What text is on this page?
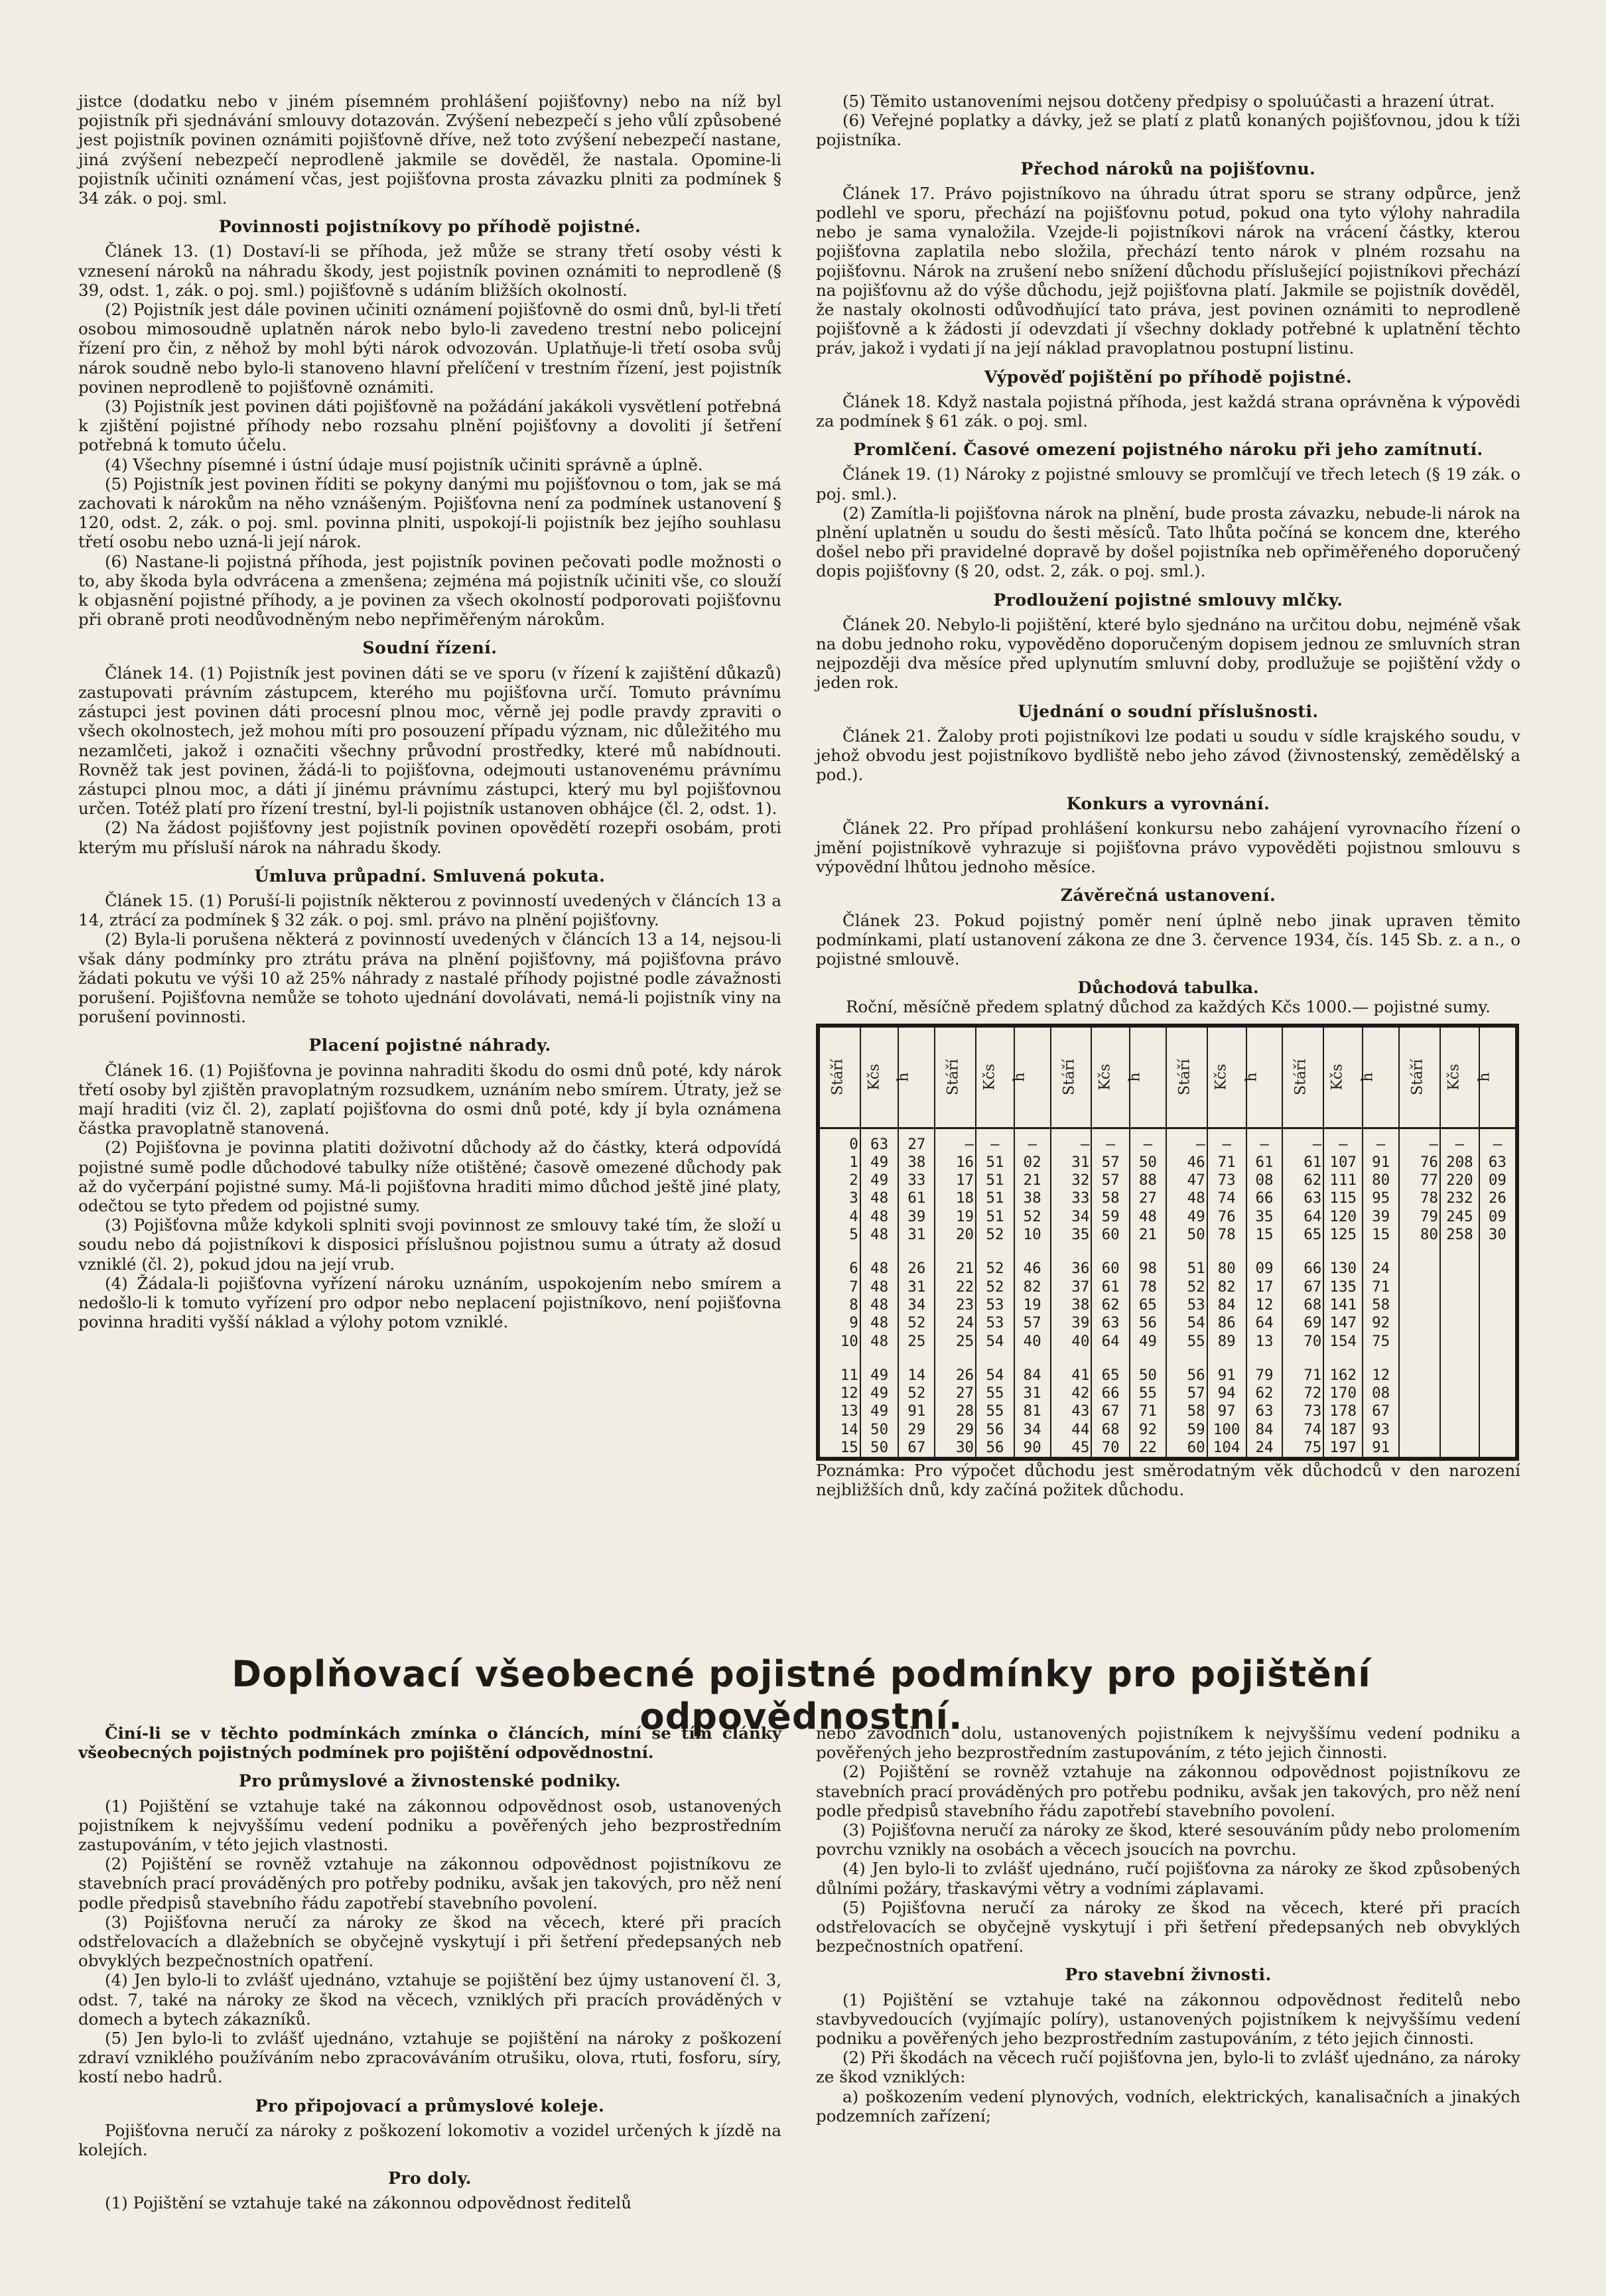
jistce (dodatku nebo v jiném písemném prohlášení pojišťovny) nebo na níž byl pojistník při sjednávání smlouvy dotazován. Zvýšení nebezpečí s jeho vůlí způsobené jest pojistník povinen oznámiti pojišťovně dříve, než toto zvýšení nebezpečí nastane, jiná zvýšení nebezpečí neprodleně jakmile se dověděl, že nastala. Opomine-li pojistník učiniti oznámení včas, jest pojišťovna prosta závazku plniti za podmínek § 34 zák. o poj. sml.

Povinnosti pojistníkovy po příhodě pojistné.

Článek 13. (1) Dostaví-li se příhoda, jež může se strany třetí osoby vésti k vznesení nároků na náhradu škody, jest pojistník povinen oznámiti to neprodleně (§ 39, odst. 1, zák. o poj. sml.) pojišťovně s udáním bližších okolností.

(2) Pojistník jest dále povinen učiniti oznámení pojišťovně do osmi dnů, byl-li třetí osobou mimosoudně uplatněn nárok nebo bylo-li zavedeno trestní nebo policejní řízení pro čin, z něhož by mohl býti nárok odvozován. Uplatňuje-li třetí osoba svůj nárok soudně nebo bylo-li stanoveno hlavní přelíčení v trestním řízení, jest pojistník povinen neprodleně to pojišťovně oznámiti.

(3) Pojistník jest povinen dáti pojišťovně na požádání jakákoli vysvětlení potřebná k zjištění pojistné příhody nebo rozsahu plnění pojišťovny a dovoliti jí šetření potřebná k tomuto účelu.

(4) Všechny písemné i ústní údaje musí pojistník učiniti správně a úplně.

(5) Pojistník jest povinen říditi se pokyny danými mu pojišťovnou o tom, jak se má zachovati k nárokům na něho vznášeným. Pojišťovna není za podmínek ustanovení § 120, odst. 2, zák. o poj. sml. povinna plniti, uspokojí-li pojistník bez jejího souhlasu třetí osobu nebo uzná-li její nárok.

(6) Nastane-li pojistná příhoda, jest pojistník povinen pečovati podle možnosti o to, aby škoda byla odvrácena a zmenšena; zejména má pojistník učiniti vše, co slouží k objasnění pojistné příhody, a je povinen za všech okolností podporovati pojišťovnu při obraně proti neodůvodněným nebo nepřiměřeným nárokům.

Soudní řízení.

Článek 14. (1) Pojistník jest povinen dáti se ve sporu (v řízení k zajištění důkazů) zastupovati právním zástupcem, kterého mu pojišťovna určí. Tomuto právnímu zástupci jest povinen dáti procesní plnou moc, věrně jej podle pravdy zpraviti o všech okolnostech, jež mohou míti pro posouzení případu význam, nic důležitého mu nezamlčeti, jakož i označiti všechny průvodní prostředky, které mů nabídnouti. Rovněž tak jest povinen, žádá-li to pojišťovna, odejmouti ustanovenému právnímu zástupci plnou moc, a dáti jí jinému právnímu zástupci, který mu byl pojišťovnou určen. Totéž platí pro řízení trestní, byl-li pojistník ustanoven obhájce (čl. 2, odst. 1).

(2) Na žádost pojišťovny jest pojistník povinen opovědětí rozepři osobám, proti kterým mu přísluší nárok na náhradu škody.

Úmluva průpadní. Smluvená pokuta.

Článek 15. (1) Poruší-li pojistník některou z povinností uvedených v článcích 13 a 14, ztrácí za podmínek § 32 zák. o poj. sml. právo na plnění pojišťovny.

(2) Byla-li porušena některá z povinností uvedených v článcích 13 a 14, nejsou-li však dány podmínky pro ztrátu práva na plnění pojišťovny, má pojišťovna právo žádati pokutu ve výši 10 až 25% náhrady z nastalé příhody pojistné podle závažnosti porušení. Pojišťovna nemůže se tohoto ujednání dovolávati, nemá-li pojistník viny na porušení povinnosti.

Placení pojistné náhrady.

Článek 16. (1) Pojišťovna je povinna nahraditi škodu do osmi dnů poté, kdy nárok třetí osoby byl zjištěn pravoplatným rozsudkem, uznáním nebo smírem. Útraty, jež se mají hraditi (viz čl. 2), zaplatí pojišťovna do osmi dnů poté, kdy jí byla oznámena částka pravoplatně stanovená.

(2) Pojišťovna je povinna platiti doživotní důchody až do částky, která odpovídá pojistné sumě podle důchodové tabulky níže otištěné; časově omezené důchody pak až do vyčerpání pojistné sumy. Má-li pojišťovna hraditi mimo důchod ještě jiné platy, odečtou se tyto předem od pojistné sumy.

(3) Pojišťovna může kdykoli splniti svoji povinnost ze smlouvy také tím, že složí u soudu nebo dá pojistníkovi k disposici příslušnou pojistnou sumu a útraty až dosud vzniklé (čl. 2), pokud jdou na její vrub.

(4) Žádala-li pojišťovna vyřízení nároku uznáním, uspokojením nebo smírem a nedošlo-li k tomuto vyřízení pro odpor nebo neplacení pojistníkovo, není pojišťovna povinna hraditi vyšší náklad a výlohy potom vzniklé.

(5) Těmito ustanoveními nejsou dotčeny předpisy o spoluúčasti a hrazení útrat.

(6) Veřejné poplatky a dávky, jež se platí z platů konaných pojišťovnou, jdou k tíži pojistníka.

Přechod nároků na pojišťovnu.

Článek 17. Právo pojistníkovo na úhradu útrat sporu se strany odpůrce, jenž podlehl ve sporu, přechází na pojišťovnu potud, pokud ona tyto výlohy nahradila nebo je sama vynaložila. Vzejde-li pojistníkovi nárok na vrácení částky, kterou pojišťovna zaplatila nebo složila, přechází tento nárok v plném rozsahu na pojišťovnu. Nárok na zrušení nebo snížení důchodu příslušející pojistníkovi přechází na pojišťovnu až do výše důchodu, jejž pojišťovna platí. Jakmile se pojistník dověděl, že nastaly okolnosti odůvodňující tato práva, jest povinen oznámiti to neprodleně pojišťovně a k žádosti jí odevzdati jí všechny doklady potřebné k uplatnění těchto práv, jakož i vydati jí na její náklad pravoplatnou postupní listinu.

Výpověď pojištění po příhodě pojistné.

Článek 18. Když nastala pojistná příhoda, jest každá strana oprávněna k výpovědi za podmínek § 61 zák. o poj. sml.

Promlčení. Časové omezení pojistného nároku při jeho zamítnutí.

Článek 19. (1) Nároky z pojistné smlouvy se promlčují ve třech letech (§ 19 zák. o poj. sml.).

(2) Zamítla-li pojišťovna nárok na plnění, bude prosta závazku, nebude-li nárok na plnění uplatněn u soudu do šesti měsíců. Tato lhůta počíná se koncem dne, kterého došel nebo při pravidelné dopravě by došel pojistníka neb opřiměřeného doporučený dopis pojišťovny (§ 20, odst. 2, zák. o poj. sml.).

Prodloužení pojistné smlouvy mlčky.

Článek 20. Nebylo-li pojištění, které bylo sjednáno na určitou dobu, nejméně však na dobu jednoho roku, vypověděno doporučeným dopisem jednou ze smluvních stran nejpozději dva měsíce před uplynutím smluvní doby, prodlužuje se pojištění vždy o jeden rok.

Ujednání o soudní příslušnosti.

Článek 21. Žaloby proti pojistníkovi lze podati u soudu v sídle krajského soudu, v jehož obvodu jest pojistníkovo bydliště nebo jeho závod (živnostenský, zemědělský a pod.).

Konkurs a vyrovnání.

Článek 22. Pro případ prohlášení konkursu nebo zahájení vyrovnacího řízení o jmění pojistníkově vyhrazuje si pojišťovna právo vypověděti pojistnou smlouvu s výpovědní lhůtou jednoho měsíce.

Závěrečná ustanovení.

Článek 23. Pokud pojistný poměr není úplně nebo jinak upraven těmito podmínkami, platí ustanovení zákona ze dne 3. července 1934, čís. 145 Sb. z. a n., o pojistné smlouvě.

Důchodová tabulka.
Roční, měsíčně předem splatný důchod za každých Kčs 1000.— pojistné sumy.
Stáří	Kčs	h	Stáří	Kčs	h	Stáří	Kčs	h	Stáří	Kčs	h	Stáří	Kčs	h	Stáří	Kčs	h
0	63	27	—	—	—	—	—	—	—	—	—	—	—	—	—	—	—
1	49	38	16	51	02	31	57	50	46	71	61	61	107	91	76	208	63
2	49	33	17	51	21	32	57	88	47	73	08	62	111	80	77	220	09
3	48	61	18	51	38	33	58	27	48	74	66	63	115	95	78	232	26
4	48	39	19	51	52	34	59	48	49	76	35	64	120	39	79	245	09
5	48	31	20	52	10	35	60	21	50	78	15	65	125	15	80	258	30

6	48	26	21	52	46	36	60	98	51	80	09	66	130	24			
7	48	31	22	52	82	37	61	78	52	82	17	67	135	71			
8	48	34	23	53	19	38	62	65	53	84	12	68	141	58			
9	48	52	24	53	57	39	63	56	54	86	64	69	147	92			
10	48	25	25	54	40	40	64	49	55	89	13	70	154	75			

11	49	14	26	54	84	41	65	50	56	91	79	71	162	12			
12	49	52	27	55	31	42	66	55	57	94	62	72	170	08			
13	49	91	28	55	81	43	67	71	58	97	63	73	178	67			
14	50	29	29	56	34	44	68	92	59	100	84	74	187	93			
15	50	67	30	56	90	45	70	22	60	104	24	75	197	91			

Poznámka: Pro výpočet důchodu jest směrodatným věk důchodců v den narození nejbližších dnů, kdy začíná požitek důchodu.

Doplňovací všeobecné pojistné podmínky pro pojištění odpovědnostní.

Činí-li se v těchto podmínkách zmínka o článcích, míní se tím články všeobecných pojistných podmínek pro pojištění odpovědnostní.

Pro průmyslové a živnostenské podniky.

(1) Pojištění se vztahuje také na zákonnou odpovědnost osob, ustanovených pojistníkem k nejvyššímu vedení podniku a pověřených jeho bezprostředním zastupováním, v této jejich vlastnosti.

(2) Pojištění se rovněž vztahuje na zákonnou odpovědnost pojistníkovu ze stavebních prací prováděných pro potřeby podniku, avšak jen takových, pro něž není podle předpisů stavebního řádu zapotřebí stavebního povolení.

(3) Pojišťovna neručí za nároky ze škod na věcech, které při pracích odstřelovacích a dlažebních se obyčejně vyskytují i při šetření předepsaných neb obvyklých bezpečnostních opatření.

(4) Jen bylo-li to zvlášť ujednáno, vztahuje se pojištění bez újmy ustanovení čl. 3, odst. 7, také na nároky ze škod na věcech, vzniklých při pracích prováděných v domech a bytech zákazníků.

(5) Jen bylo-li to zvlášť ujednáno, vztahuje se pojištění na nároky z poškození zdraví vzniklého používáním nebo zpracováváním otrušiku, olova, rtuti, fosforu, síry, kostí nebo hadrů.

Pro připojovací a průmyslové koleje.

Pojišťovna neručí za nároky z poškození lokomotiv a vozidel určených k jízdě na kolejích.

Pro doly.

(1) Pojištění se vztahuje také na zákonnou odpovědnost ředitelů

nebo závodních dolu, ustanovených pojistníkem k nejvyššímu vedení podniku a pověřených jeho bezprostředním zastupováním, z této jejich činnosti.

(2) Pojištění se rovněž vztahuje na zákonnou odpovědnost pojistníkovu ze stavebních prací prováděných pro potřebu podniku, avšak jen takových, pro něž není podle předpisů stavebního řádu zapotřebí stavebního povolení.

(3) Pojišťovna neručí za nároky ze škod, které sesouváním půdy nebo prolomením povrchu vznikly na osobách a věcech jsoucích na povrchu.

(4) Jen bylo-li to zvlášť ujednáno, ručí pojišťovna za nároky ze škod způsobených důlními požáry, třaskavými větry a vodními záplavami.

(5) Pojišťovna neručí za nároky ze škod na věcech, které při pracích odstřelovacích se obyčejně vyskytují i při šetření předepsaných neb obvyklých bezpečnostních opatření.

Pro stavební živnosti.

(1) Pojištění se vztahuje také na zákonnou odpovědnost ředitelů nebo stavbyvedoucích (vyjímajíc políry), ustanovených pojistníkem k nejvyššímu vedení podniku a pověřených jeho bezprostředním zastupováním, z této jejich činnosti.

(2) Při škodách na věcech ručí pojišťovna jen, bylo-li to zvlášť ujednáno, za nároky ze škod vzniklých:

a) poškozením vedení plynových, vodních, elektrických, kanalisačních a jinakých podzemních zařízení;
